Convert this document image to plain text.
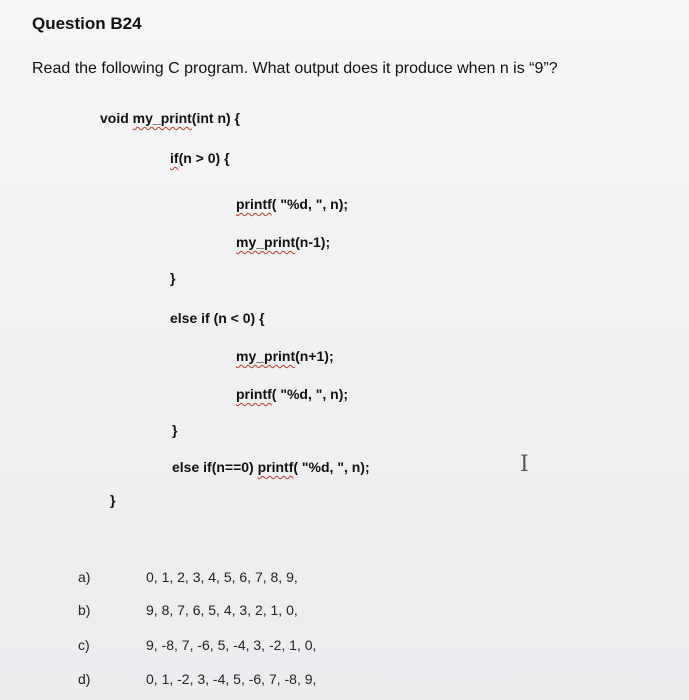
Question B24
Read the following C program. What output does it produce when n is “9”?
void my_print(int n) {
if(n > 0) {
printf( "%d, ", n);
my_print(n-1);
}
else if (n < 0) {
my_print(n+1);
printf( "%d, ", n);
}
else if(n==0) printf( "%d, ", n);
}
I
a)	0, 1, 2, 3, 4, 5, 6, 7, 8, 9,
b)	9, 8, 7, 6, 5, 4, 3, 2, 1, 0,
c)	9, -8, 7, -6, 5, -4, 3, -2, 1, 0,
d)	0, 1, -2, 3, -4, 5, -6, 7, -8, 9,
